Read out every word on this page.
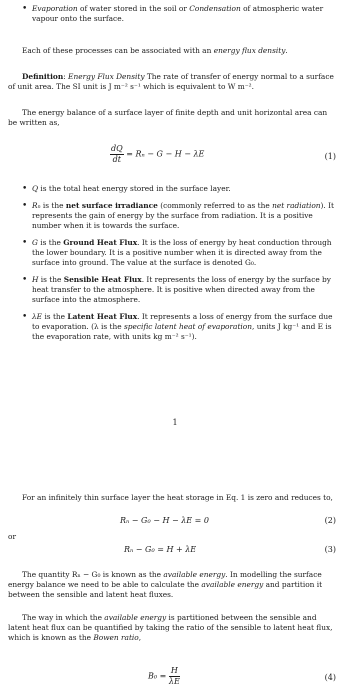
• Evaporation of water stored in the soil or Condensation of atmospheric water vapour onto the surface.
Each of these processes can be associated with an energy flux density.
Definition: Energy Flux Density The rate of transfer of energy normal to a surface of unit area. The SI unit is J m⁻² s⁻¹ which is equivalent to W m⁻².
The energy balance of a surface layer of finite depth and unit horizontal area can be written as,
$\frac{dQ}{dt} = R_n - G - H - \lambda E$	(1)
• Q is the total heat energy stored in the surface layer.
• Rₙ is the net surface irradiance (commonly referred to as the net radiation). It represents the gain of energy by the surface from radiation. It is a positive number when it is towards the surface.
• G is the Ground Heat Flux. It is the loss of energy by heat conduction through the lower boundary. It is a positive number when it is directed away from the surface into ground. The value at the surface is denoted G₀.
• H is the Sensible Heat Flux. It represents the loss of energy by the surface by heat transfer to the atmosphere. It is positive when directed away from the surface into the atmosphere.
• λE is the Latent Heat Flux. It represents a loss of energy from the surface due to evaporation. (λ is the specific latent heat of evaporation, units J kg⁻¹ and E is the evaporation rate, with units kg m⁻² s⁻¹).
1
For an infinitely thin surface layer the heat storage in Eq. 1 is zero and reduces to,
Rₙ − G₀ − H − λE = 0	(2)
or
Rₙ − G₀ = H + λE	(3)
The quantity Rₙ − G₀ is known as the available energy. In modelling the surface energy balance we need to be able to calculate the available energy and partition it between the sensible and latent heat fluxes.
The way in which the available energy is partitioned between the sensible and latent heat flux can be quantified by taking the ratio of the sensible to latent heat flux, which is known as the Bowen ratio,
$B_0 = \frac{H}{\lambda E}$	(4)
